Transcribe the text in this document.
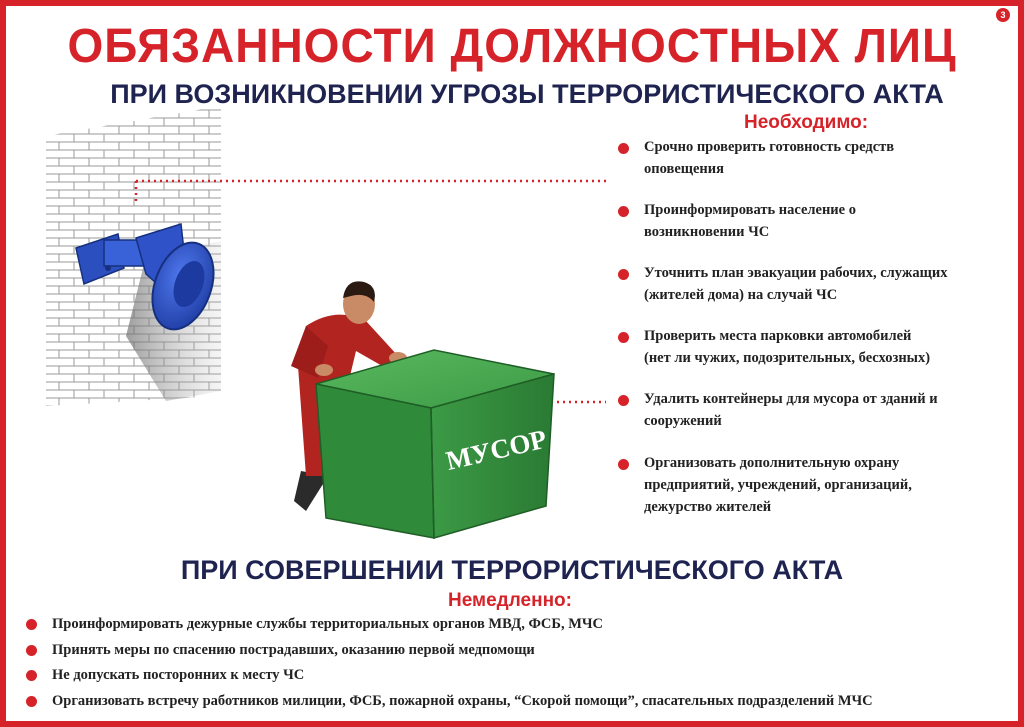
3
ОБЯЗАННОСТИ ДОЛЖНОСТНЫХ ЛИЦ
ПРИ ВОЗНИКНОВЕНИИ УГРОЗЫ ТЕРРОРИСТИЧЕСКОГО АКТА
Необходимо:
МУСОР
Срочно проверить готовность средств
оповещения
Проинформировать население о
возникновении ЧС
Уточнить план эвакуации рабочих, служащих
(жителей дома) на случай ЧС
Проверить места парковки автомобилей
(нет ли чужих, подозрительных, бесхозных)
Удалить контейнеры для мусора от зданий и
сооружений
Организовать дополнительную охрану
предприятий, учреждений, организаций,
дежурство жителей
ПРИ СОВЕРШЕНИИ ТЕРРОРИСТИЧЕСКОГО АКТА
Немедленно:
Проинформировать дежурные службы территориальных органов МВД, ФСБ, МЧС
Принять меры по спасению пострадавших, оказанию первой медпомощи
Не допускать посторонних к месту ЧС
Организовать встречу работников милиции, ФСБ, пожарной охраны, “Скорой помощи”, спасательных подразделений МЧС
